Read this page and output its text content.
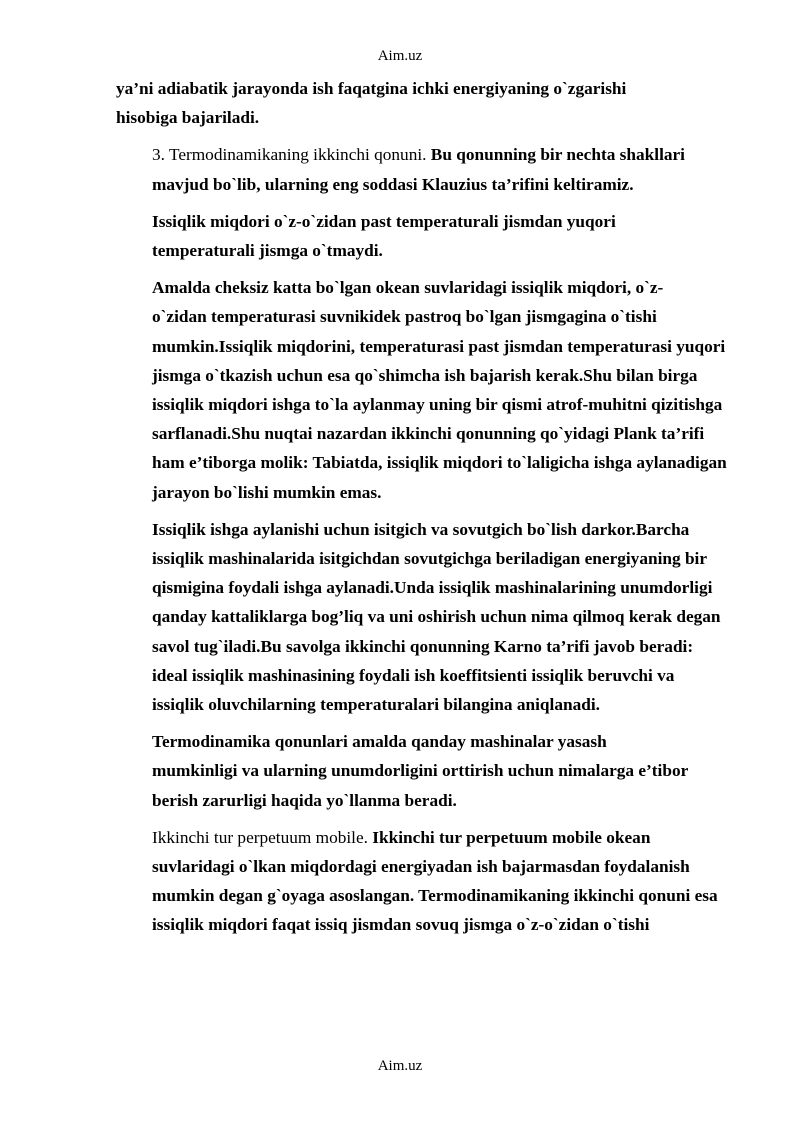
Aim.uz

ya’ni adiabatik jarayonda ish faqatgina ichki energiyaning o`zgarishi
hisobiga bajariladi.

3. Termodinamikaning ikkinchi qonuni. Bu qonunning bir nechta shakllari
mavjud bo`lib, ularning eng soddasi Klauzius ta’rifini keltiramiz.

Issiqlik miqdori o`z-o`zidan past temperaturali jismdan yuqori
temperaturali jismga o`tmaydi.

Amalda cheksiz katta bo`lgan okean suvlaridagi issiqlik miqdori, o`z-
o`zidan temperaturasi suvnikidek pastroq bo`lgan jismgagina o`tishi
mumkin.Issiqlik miqdorini, temperaturasi past jismdan temperaturasi yuqori
jismga o`tkazish uchun esa qo`shimcha ish bajarish kerak.Shu bilan birga
issiqlik miqdori ishga to`la aylanmay uning bir qismi atrof-muhitni qizitishga
sarflanadi.Shu nuqtai nazardan ikkinchi qonunning qo`yidagi Plank ta’rifi
ham e’tiborga molik: Tabiatda, issiqlik miqdori to`laligicha ishga aylanadigan
jarayon bo`lishi mumkin emas.

Issiqlik ishga aylanishi uchun isitgich va sovutgich bo`lish darkor.Barcha
issiqlik mashinalarida isitgichdan sovutgichga beriladigan energiyaning bir
qismigina foydali ishga aylanadi.Unda issiqlik mashinalarining unumdorligi
qanday kattaliklarga bog’liq va uni oshirish uchun nima qilmoq kerak degan
savol tug`iladi.Bu savolga ikkinchi qonunning Karno ta’rifi javob beradi:
ideal issiqlik mashinasining foydali ish koeffitsienti issiqlik beruvchi va
issiqlik oluvchilarning temperaturalari bilangina aniqlanadi.

Termodinamika qonunlari amalda qanday mashinalar yasash
mumkinligi va ularning unumdorligini orttirish uchun nimalarga e’tibor
berish zarurligi haqida yo`llanma beradi.

Ikkinchi tur perpetuum mobile. Ikkinchi tur perpetuum mobile okean
suvlaridagi o`lkan miqdordagi energiyadan ish bajarmasdan foydalanish
mumkin degan g`oyaga asoslangan. Termodinamikaning ikkinchi qonuni esa
issiqlik miqdori faqat issiq jismdan sovuq jismga o`z-o`zidan o`tishi

Aim.uz
